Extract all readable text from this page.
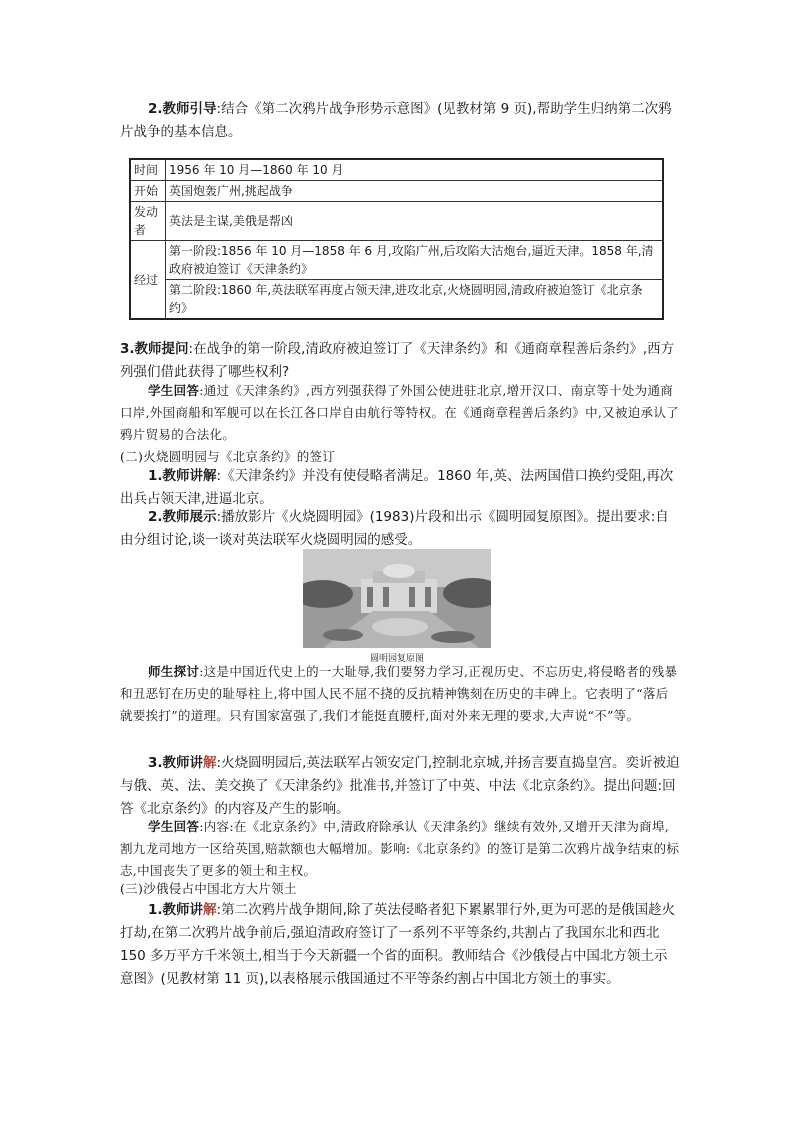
2.教师引导:结合《第二次鸦片战争形势示意图》(见教材第 9 页),帮助学生归纳第二次鸦片战争的基本信息。
时间	1956 年 10 月—1860 年 10 月
开始	英国炮轰广州,挑起战争
发动者	英法是主谋,美俄是帮凶
经过	第一阶段:1856 年 10 月—1858 年 6 月,攻陷广州,后攻陷大沽炮台,逼近天津。1858 年,清政府被迫签订《天津条约》
	第二阶段:1860 年,英法联军再度占领天津,进攻北京,火烧圆明园,清政府被迫签订《北京条约》
3.教师提问:在战争的第一阶段,清政府被迫签订了《天津条约》和《通商章程善后条约》,西方列强们借此获得了哪些权利?
学生回答:通过《天津条约》,西方列强获得了外国公使进驻北京,增开汉口、南京等十处为通商口岸,外国商船和军舰可以在长江各口岸自由航行等特权。在《通商章程善后条约》中,又被迫承认了鸦片贸易的合法化。
(二)火烧圆明园与《北京条约》的签订
1.教师讲解:《天津条约》并没有使侵略者满足。1860 年,英、法两国借口换约受阻,再次出兵占领天津,进逼北京。
2.教师展示:播放影片《火烧圆明园》(1983)片段和出示《圆明园复原图》。提出要求:自由分组讨论,谈一谈对英法联军火烧圆明园的感受。
圆明园复原图
师生探讨:这是中国近代史上的一大耻辱,我们要努力学习,正视历史、不忘历史,将侵略者的残暴和丑恶钉在历史的耻辱柱上,将中国人民不屈不挠的反抗精神镌刻在历史的丰碑上。它表明了“落后就要挨打”的道理。只有国家富强了,我们才能挺直腰杆,面对外来无理的要求,大声说“不”等。
3.教师讲解:火烧圆明园后,英法联军占领安定门,控制北京城,并扬言要直捣皇宫。奕䜣被迫与俄、英、法、美交换了《天津条约》批准书,并签订了中英、中法《北京条约》。提出问题:回答《北京条约》的内容及产生的影响。
学生回答:内容:在《北京条约》中,清政府除承认《天津条约》继续有效外,又增开天津为商埠,割九龙司地方一区给英国,赔款额也大幅增加。影响:《北京条约》的签订是第二次鸦片战争结束的标志,中国丧失了更多的领土和主权。
(三)沙俄侵占中国北方大片领土
1.教师讲解:第二次鸦片战争期间,除了英法侵略者犯下累累罪行外,更为可恶的是俄国趁火打劫,在第二次鸦片战争前后,强迫清政府签订了一系列不平等条约,共割占了我国东北和西北 150 多万平方千米领土,相当于今天新疆一个省的面积。教师结合《沙俄侵占中国北方领土示意图》(见教材第 11 页),以表格展示俄国通过不平等条约割占中国北方领土的事实。
